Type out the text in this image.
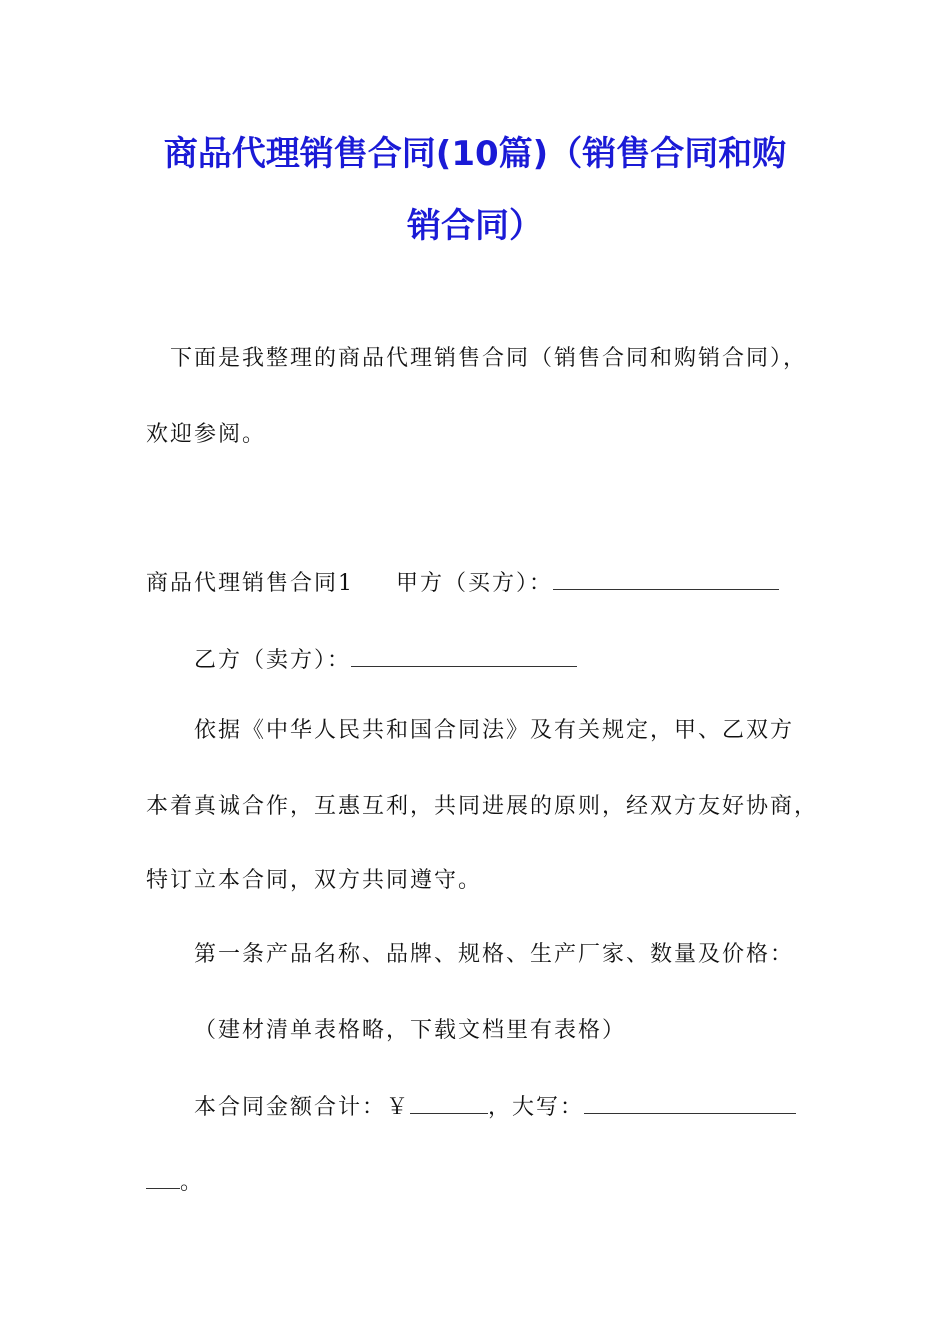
商品代理销售合同(10篇)（销售合同和购
销合同）
下面是我整理的商品代理销售合同（销售合同和购销合同），
欢迎参阅。
商品代理销售合同1 甲方（买方）：
乙方（卖方）：
依据《中华人民共和国合同法》及有关规定，甲、乙双方
本着真诚合作，互惠互利，共同进展的原则，经双方友好协商，
特订立本合同，双方共同遵守。
第一条产品名称、品牌、规格、生产厂家、数量及价格：
（建材清单表格略，下载文档里有表格）
本合同金额合计：￥	，大写：
。
